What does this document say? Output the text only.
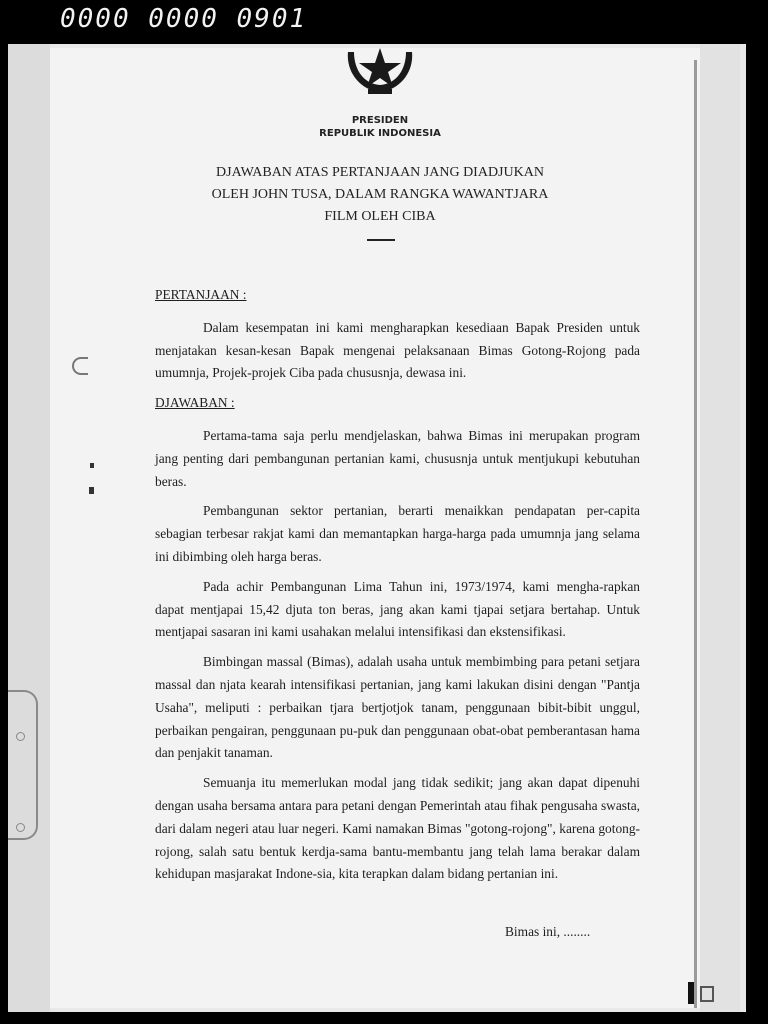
0000 0000 0901
PRESIDEN
REPUBLIK INDONESIA
DJAWABAN ATAS PERTANJAAN JANG DIADJUKAN
OLEH JOHN TUSA, DALAM RANGKA WAWANTJARA
FILM OLEH CIBA
PERTANJAAN :

Dalam kesempatan ini kami mengharapkan kesediaan Bapak Presiden untuk menjatakan kesan-kesan Bapak mengenai pelaksanaan Bimas Gotong-Rojong pada umumnja, Projek-projek Ciba pada chususnja, dewasa ini.

DJAWABAN :

Pertama-tama saja perlu mendjelaskan, bahwa Bimas ini merupakan program jang penting dari pembangunan pertanian kami, chususnja untuk mentjukupi kebutuhan beras.

Pembangunan sektor pertanian, berarti menaikkan pendapatan per-capita sebagian terbesar rakjat kami dan memantapkan harga-harga pada umumnja jang selama ini dibimbing oleh harga beras.

Pada achir Pembangunan Lima Tahun ini, 1973/1974, kami mengha-rapkan dapat mentjapai 15,42 djuta ton beras, jang akan kami tjapai setjara bertahap. Untuk mentjapai sasaran ini kami usahakan melalui intensifikasi dan ekstensifikasi.

Bimbingan massal (Bimas), adalah usaha untuk membimbing para petani setjara massal dan njata kearah intensifikasi pertanian, jang kami lakukan disini dengan "Pantja Usaha", meliputi : perbaikan tjara bertjotjok tanam, penggunaan bibit-bibit unggul, perbaikan pengairan, penggunaan pu-puk dan penggunaan obat-obat pemberantasan hama dan penjakit tanaman.

Semuanja itu memerlukan modal jang tidak sedikit; jang akan dapat dipenuhi dengan usaha bersama antara para petani dengan Pemerintah atau fihak pengusaha swasta, dari dalam negeri atau luar negeri. Kami namakan Bimas "gotong-rojong", karena gotong-rojong, salah satu bentuk kerdja-sama bantu-membantu jang telah lama berakar dalam kehidupan masjarakat Indone-sia, kita terapkan dalam bidang pertanian ini.

Bimas ini, ........
